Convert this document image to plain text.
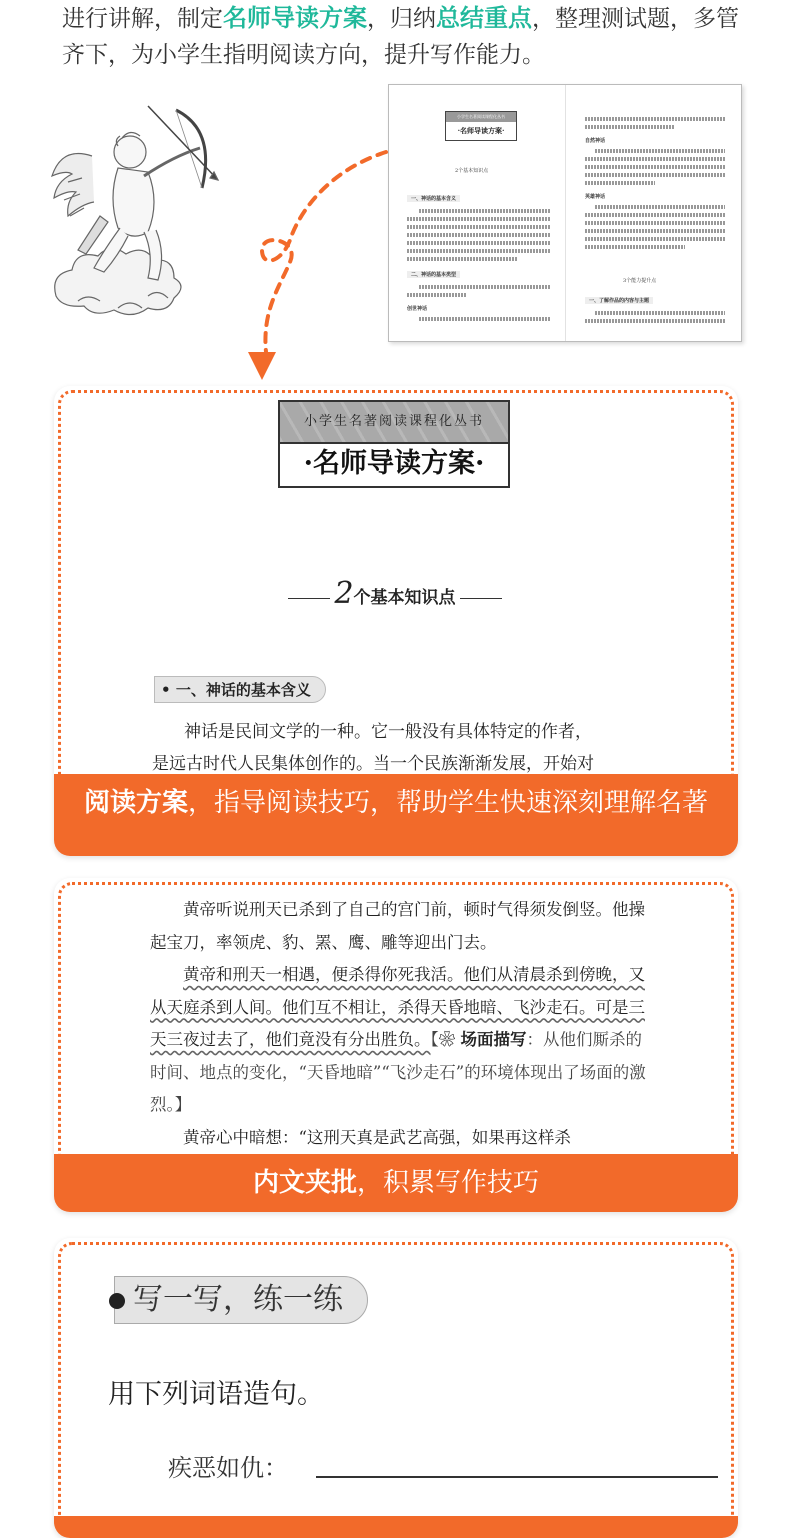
进行讲解，制定名师导读方案，归纳总结重点，整理测试题，多管齐下，为小学生指明阅读方向，提升写作能力。
小学生名著阅读课程化丛书
·名师导读方案·
2个基本知识点
一、神话的基本含义
二、神话的基本类型
创世神话
自然神话
英雄神话
3个能力提升点
一、了解作品的内容与主题
小学生名著阅读课程化丛书
·名师导读方案·
2个基本知识点
• 一、神话的基本含义
神话是民间文学的一种。它一般没有具体特定的作者，
是远古时代人民集体创作的。当一个民族渐渐发展，开始对
阅读方案，指导阅读技巧，帮助学生快速深刻理解名著
黄帝听说刑天已杀到了自己的宫门前，顿时气得须发倒竖。他操起宝刀，率领虎、豹、罴、鹰、雕等迎出门去。
黄帝和刑天一相遇，便杀得你死我活。他们从清晨杀到傍晚，又从天庭杀到人间。他们互不相让，杀得天昏地暗、飞沙走石。可是三天三夜过去了，他们竟没有分出胜负。【❀ 场面描写：从他们厮杀的时间、地点的变化，“天昏地暗”“飞沙走石”的环境体现出了场面的激烈。】
黄帝心中暗想：“这刑天真是武艺高强，如果再这样杀
内文夹批，积累写作技巧
写一写，练一练
用下列词语造句。
疾恶如仇：
